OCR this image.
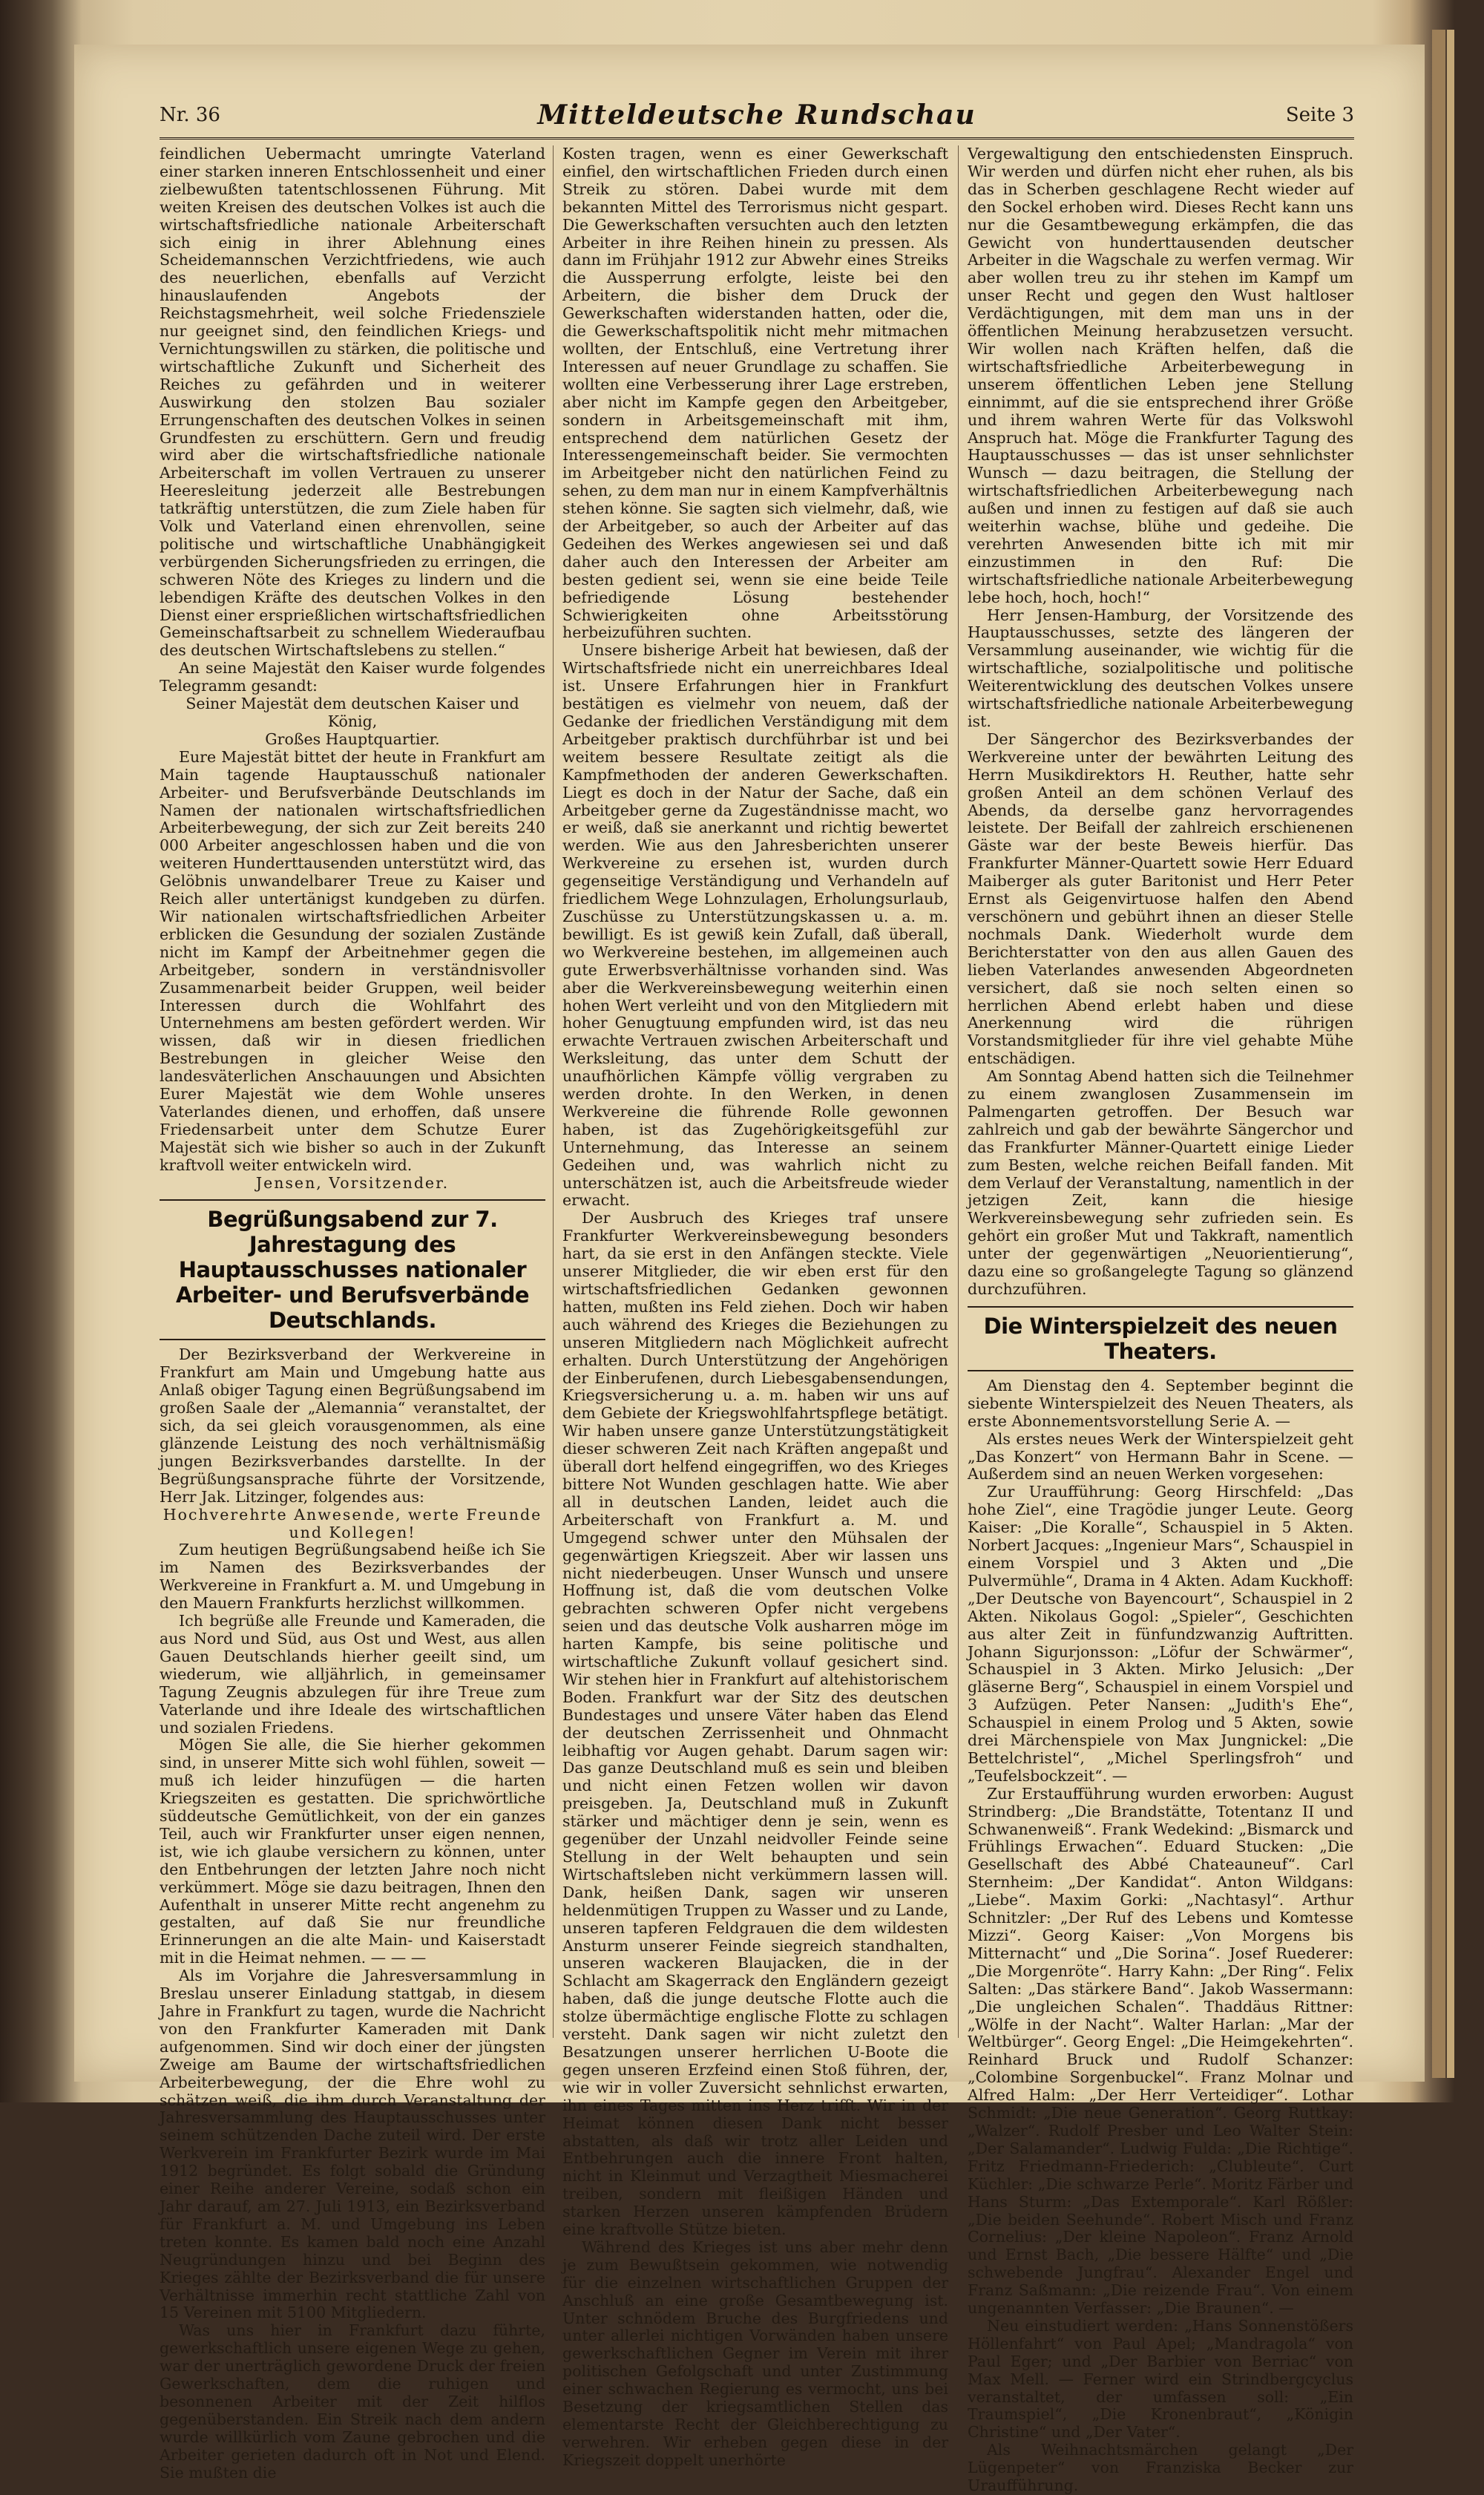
Nr. 36	Mitteldeutsche Rundschau	Seite 3

feindlichen Uebermacht umringte Vaterland einer starken inneren Entschlossenheit und einer zielbewußten tatentschlossenen Führung. Mit weiten Kreisen des deutschen Volkes ist auch die wirtschaftsfriedliche nationale Arbeiterschaft sich einig in ihrer Ablehnung eines Scheidemannschen Verzichtfriedens, wie auch des neuerlichen, ebenfalls auf Verzicht hinauslaufenden Angebots der Reichstagsmehrheit, weil solche Friedensziele nur geeignet sind, den feindlichen Kriegs- und Vernichtungswillen zu stärken, die politische und wirtschaftliche Zukunft und Sicherheit des Reiches zu gefährden und in weiterer Auswirkung den stolzen Bau sozialer Errungenschaften des deutschen Volkes in seinen Grundfesten zu erschüttern. Gern und freudig wird aber die wirtschaftsfriedliche nationale Arbeiterschaft im vollen Vertrauen zu unserer Heeresleitung jederzeit alle Bestrebungen tatkräftig unterstützen, die zum Ziele haben für Volk und Vaterland einen ehrenvollen, seine politische und wirtschaftliche Unabhängigkeit verbürgenden Sicherungsfrieden zu erringen, die schweren Nöte des Krieges zu lindern und die lebendigen Kräfte des deutschen Volkes in den Dienst einer ersprießlichen wirtschaftsfriedlichen Gemeinschaftsarbeit zu schnellem Wiederaufbau des deutschen Wirtschaftslebens zu stellen.“

An seine Majestät den Kaiser wurde folgendes Telegramm gesandt:

Seiner Majestät dem deutschen Kaiser und König,

Großes Hauptquartier.

Eure Majestät bittet der heute in Frankfurt am Main tagende Hauptausschuß nationaler Arbeiter- und Berufsverbände Deutschlands im Namen der nationalen wirtschaftsfriedlichen Arbeiterbewegung, der sich zur Zeit bereits 240 000 Arbeiter angeschlossen haben und die von weiteren Hunderttausenden unterstützt wird, das Gelöbnis unwandelbarer Treue zu Kaiser und Reich aller untertänigst kundgeben zu dürfen. Wir nationalen wirtschaftsfriedlichen Arbeiter erblicken die Gesundung der sozialen Zustände nicht im Kampf der Arbeitnehmer gegen die Arbeitgeber, sondern in verständnisvoller Zusammenarbeit beider Gruppen, weil beider Interessen durch die Wohlfahrt des Unternehmens am besten gefördert werden. Wir wissen, daß wir in diesen friedlichen Bestrebungen in gleicher Weise den landesväterlichen Anschauungen und Absichten Eurer Majestät wie dem Wohle unseres Vaterlandes dienen, und erhoffen, daß unsere Friedensarbeit unter dem Schutze Eurer Majestät sich wie bisher so auch in der Zukunft kraftvoll weiter entwickeln wird.

Jensen, Vorsitzender.

Begrüßungsabend zur 7. Jahrestagung des Hauptausschusses nationaler Arbeiter- und Berufsverbände Deutschlands.

Der Bezirksverband der Werkvereine in Frankfurt am Main und Umgebung hatte aus Anlaß obiger Tagung einen Begrüßungsabend im großen Saale der „Alemannia“ veranstaltet, der sich, da sei gleich vorausgenommen, als eine glänzende Leistung des noch verhältnismäßig jungen Bezirksverbandes darstellte. In der Begrüßungsansprache führte der Vorsitzende, Herr Jak. Litzinger, folgendes aus:

Hochverehrte Anwesende, werte Freunde und Kollegen!

Zum heutigen Begrüßungsabend heiße ich Sie im Namen des Bezirksverbandes der Werkvereine in Frankfurt a. M. und Umgebung in den Mauern Frankfurts herzlichst willkommen.

Ich begrüße alle Freunde und Kameraden, die aus Nord und Süd, aus Ost und West, aus allen Gauen Deutschlands hierher geeilt sind, um wiederum, wie alljährlich, in gemeinsamer Tagung Zeugnis abzulegen für ihre Treue zum Vaterlande und ihre Ideale des wirtschaftlichen und sozialen Friedens.

Mögen Sie alle, die Sie hierher gekommen sind, in unserer Mitte sich wohl fühlen, soweit — muß ich leider hinzufügen — die harten Kriegszeiten es gestatten. Die sprichwörtliche süddeutsche Gemütlichkeit, von der ein ganzes Teil, auch wir Frankfurter unser eigen nennen, ist, wie ich glaube versichern zu können, unter den Entbehrungen der letzten Jahre noch nicht verkümmert. Möge sie dazu beitragen, Ihnen den Aufenthalt in unserer Mitte recht angenehm zu gestalten, auf daß Sie nur freundliche Erinnerungen an die alte Main- und Kaiserstadt mit in die Heimat nehmen. — — —

Als im Vorjahre die Jahresversammlung in Breslau unserer Einladung stattgab, in diesem Jahre in Frankfurt zu tagen, wurde die Nachricht von den Frankfurter Kameraden mit Dank aufgenommen. Sind wir doch einer der jüngsten Zweige am Baume der wirtschaftsfriedlichen Arbeiterbewegung, der die Ehre wohl zu schätzen weiß, die ihm durch Veranstaltung der Jahresversammlung des Hauptausschusses unter seinem schützenden Dache zuteil wird. Der erste Werkverein im Frankfurter Bezirk wurde im Mai 1912 begründet. Es folgt sobald die Gründung einer Reihe anderer Vereine, sodaß schon ein Jahr darauf, am 27. Juli 1913, ein Bezirksverband für Frankfurt a. M. und Umgebung ins Leben treten konnte. Es kamen bald noch eine Anzahl Neugründungen hinzu und bei Beginn des Krieges zählte der Bezirksverband die für unsere Verhältnisse immerhin recht stattliche Zahl von 15 Vereinen mit 5100 Mitgliedern.

Was uns hier in Frankfurt dazu führte, gewerkschaftlich unsere eigenen Wege zu gehen, war der unerträglich gewordene Druck der freien Gewerkschaften, dem die ruhigen und besonnenen Arbeiter mit der Zeit hilflos gegenüberstanden. Ein Streik nach dem andern wurde willkürlich vom Zaune gebrochen und die Arbeiter gerieten dadurch oft in Not und Elend. Sie mußten die

Kosten tragen, wenn es einer Gewerkschaft einfiel, den wirtschaftlichen Frieden durch einen Streik zu stören. Dabei wurde mit dem bekannten Mittel des Terrorismus nicht gespart. Die Gewerkschaften versuchten auch den letzten Arbeiter in ihre Reihen hinein zu pressen. Als dann im Frühjahr 1912 zur Abwehr eines Streiks die Aussperrung erfolgte, leiste bei den Arbeitern, die bisher dem Druck der Gewerkschaften widerstanden hatten, oder die, die Gewerkschaftspolitik nicht mehr mitmachen wollten, der Entschluß, eine Vertretung ihrer Interessen auf neuer Grundlage zu schaffen. Sie wollten eine Verbesserung ihrer Lage erstreben, aber nicht im Kampfe gegen den Arbeitgeber, sondern in Arbeitsgemeinschaft mit ihm, entsprechend dem natürlichen Gesetz der Interessengemeinschaft beider. Sie vermochten im Arbeitgeber nicht den natürlichen Feind zu sehen, zu dem man nur in einem Kampfverhältnis stehen könne. Sie sagten sich vielmehr, daß, wie der Arbeitgeber, so auch der Arbeiter auf das Gedeihen des Werkes angewiesen sei und daß daher auch den Interessen der Arbeiter am besten gedient sei, wenn sie eine beide Teile befriedigende Lösung bestehender Schwierigkeiten ohne Arbeitsstörung herbeizuführen suchten.

Unsere bisherige Arbeit hat bewiesen, daß der Wirtschaftsfriede nicht ein unerreichbares Ideal ist. Unsere Erfahrungen hier in Frankfurt bestätigen es vielmehr von neuem, daß der Gedanke der friedlichen Verständigung mit dem Arbeitgeber praktisch durchführbar ist und bei weitem bessere Resultate zeitigt als die Kampfmethoden der anderen Gewerkschaften. Liegt es doch in der Natur der Sache, daß ein Arbeitgeber gerne da Zugeständnisse macht, wo er weiß, daß sie anerkannt und richtig bewertet werden. Wie aus den Jahresberichten unserer Werkvereine zu ersehen ist, wurden durch gegenseitige Verständigung und Verhandeln auf friedlichem Wege Lohnzulagen, Erholungsurlaub, Zuschüsse zu Unterstützungskassen u. a. m. bewilligt. Es ist gewiß kein Zufall, daß überall, wo Werkvereine bestehen, im allgemeinen auch gute Erwerbsverhältnisse vorhanden sind. Was aber die Werkvereinsbewegung weiterhin einen hohen Wert verleiht und von den Mitgliedern mit hoher Genugtuung empfunden wird, ist das neu erwachte Vertrauen zwischen Arbeiterschaft und Werksleitung, das unter dem Schutt der unaufhörlichen Kämpfe völlig vergraben zu werden drohte. In den Werken, in denen Werkvereine die führende Rolle gewonnen haben, ist das Zugehörigkeitsgefühl zur Unternehmung, das Interesse an seinem Gedeihen und, was wahrlich nicht zu unterschätzen ist, auch die Arbeitsfreude wieder erwacht.

Der Ausbruch des Krieges traf unsere Frankfurter Werkvereinsbewegung besonders hart, da sie erst in den Anfängen steckte. Viele unserer Mitglieder, die wir eben erst für den wirtschaftsfriedlichen Gedanken gewonnen hatten, mußten ins Feld ziehen. Doch wir haben auch während des Krieges die Beziehungen zu unseren Mitgliedern nach Möglichkeit aufrecht erhalten. Durch Unterstützung der Angehörigen der Einberufenen, durch Liebesgabensendungen, Kriegsversicherung u. a. m. haben wir uns auf dem Gebiete der Kriegswohlfahrtspflege betätigt. Wir haben unsere ganze Unterstützungstätigkeit dieser schweren Zeit nach Kräften angepaßt und überall dort helfend eingegriffen, wo des Krieges bittere Not Wunden geschlagen hatte. Wie aber all in deutschen Landen, leidet auch die Arbeiterschaft von Frankfurt a. M. und Umgegend schwer unter den Mühsalen der gegenwärtigen Kriegszeit. Aber wir lassen uns nicht niederbeugen. Unser Wunsch und unsere Hoffnung ist, daß die vom deutschen Volke gebrachten schweren Opfer nicht vergebens seien und das deutsche Volk ausharren möge im harten Kampfe, bis seine politische und wirtschaftliche Zukunft vollauf gesichert sind. Wir stehen hier in Frankfurt auf altehistorischem Boden. Frankfurt war der Sitz des deutschen Bundestages und unsere Väter haben das Elend der deutschen Zerrissenheit und Ohnmacht leibhaftig vor Augen gehabt. Darum sagen wir: Das ganze Deutschland muß es sein und bleiben und nicht einen Fetzen wollen wir davon preisgeben. Ja, Deutschland muß in Zukunft stärker und mächtiger denn je sein, wenn es gegenüber der Unzahl neidvoller Feinde seine Stellung in der Welt behaupten und sein Wirtschaftsleben nicht verkümmern lassen will. Dank, heißen Dank, sagen wir unseren heldenmütigen Truppen zu Wasser und zu Lande, unseren tapferen Feldgrauen die dem wildesten Ansturm unserer Feinde siegreich standhalten, unseren wackeren Blaujacken, die in der Schlacht am Skagerrack den Engländern gezeigt haben, daß die junge deutsche Flotte auch die stolze übermächtige englische Flotte zu schlagen versteht. Dank sagen wir nicht zuletzt den Besatzungen unserer herrlichen U-Boote die gegen unseren Erzfeind einen Stoß führen, der, wie wir in voller Zuversicht sehnlichst erwarten, ihn eines Tages mitten ins Herz trifft. Wir in der Heimat können diesen Dank nicht besser abstatten, als daß wir trotz aller Leiden und Entbehrungen auch die innere Front halten, nicht in Kleinmut und Verzagtheit Miesmacherei treiben, sondern mit fleißigen Händen und starken Herzen unseren kämpfenden Brüdern eine kraftvolle Stütze bieten.

Während des Krieges ist uns aber mehr denn je zum Bewußtsein gekommen, wie notwendig für die einzelnen wirtschaftlichen Gruppen der Anschluß an eine große Gesamtbewegung ist. Unter schnödem Bruche des Burgfriedens und unter allerlei nichtigen Vorwänden haben unsere gewerkschaftlichen Gegner im Verein mit ihrer politischen Gefolgschaft und unter Zustimmung einer schwachen Regierung es vermocht, uns bei Besetzung der kriegsamtlichen Stellen das elementarste Recht der Gleichberechtigung zu verwehren. Wir erheben gegen diese in der Kriegszeit doppelt unerhörte

Vergewaltigung den entschiedensten Einspruch. Wir werden und dürfen nicht eher ruhen, als bis das in Scherben geschlagene Recht wieder auf den Sockel erhoben wird. Dieses Recht kann uns nur die Gesamtbewegung erkämpfen, die das Gewicht von hunderttausenden deutscher Arbeiter in die Wagschale zu werfen vermag. Wir aber wollen treu zu ihr stehen im Kampf um unser Recht und gegen den Wust haltloser Verdächtigungen, mit dem man uns in der öffentlichen Meinung herabzusetzen versucht. Wir wollen nach Kräften helfen, daß die wirtschaftsfriedliche Arbeiterbewegung in unserem öffentlichen Leben jene Stellung einnimmt, auf die sie entsprechend ihrer Größe und ihrem wahren Werte für das Volkswohl Anspruch hat. Möge die Frankfurter Tagung des Hauptausschusses — das ist unser sehnlichster Wunsch — dazu beitragen, die Stellung der wirtschaftsfriedlichen Arbeiterbewegung nach außen und innen zu festigen auf daß sie auch weiterhin wachse, blühe und gedeihe. Die verehrten Anwesenden bitte ich mit mir einzustimmen in den Ruf: Die wirtschaftsfriedliche nationale Arbeiterbewegung lebe hoch, hoch, hoch!“

Herr Jensen-Hamburg, der Vorsitzende des Hauptausschusses, setzte des längeren der Versammlung auseinander, wie wichtig für die wirtschaftliche, sozialpolitische und politische Weiterentwicklung des deutschen Volkes unsere wirtschaftsfriedliche nationale Arbeiterbewegung ist.

Der Sängerchor des Bezirksverbandes der Werkvereine unter der bewährten Leitung des Herrn Musikdirektors H. Reuther, hatte sehr großen Anteil an dem schönen Verlauf des Abends, da derselbe ganz hervorragendes leistete. Der Beifall der zahlreich erschienenen Gäste war der beste Beweis hierfür. Das Frankfurter Männer-Quartett sowie Herr Eduard Maiberger als guter Baritonist und Herr Peter Ernst als Geigenvirtuose halfen den Abend verschönern und gebührt ihnen an dieser Stelle nochmals Dank. Wiederholt wurde dem Berichterstatter von den aus allen Gauen des lieben Vaterlandes anwesenden Abgeordneten versichert, daß sie noch selten einen so herrlichen Abend erlebt haben und diese Anerkennung wird die rührigen Vorstandsmitglieder für ihre viel gehabte Mühe entschädigen.

Am Sonntag Abend hatten sich die Teilnehmer zu einem zwanglosen Zusammensein im Palmengarten getroffen. Der Besuch war zahlreich und gab der bewährte Sängerchor und das Frankfurter Männer-Quartett einige Lieder zum Besten, welche reichen Beifall fanden. Mit dem Verlauf der Veranstaltung, namentlich in der jetzigen Zeit, kann die hiesige Werkvereinsbewegung sehr zufrieden sein. Es gehört ein großer Mut und Takkraft, namentlich unter der gegenwärtigen „Neuorientierung“, dazu eine so großangelegte Tagung so glänzend durchzuführen.

Die Winterspielzeit des neuen Theaters.

Am Dienstag den 4. September beginnt die siebente Winterspielzeit des Neuen Theaters, als erste Abonnementsvorstellung Serie A. —

Als erstes neues Werk der Winterspielzeit geht „Das Konzert“ von Hermann Bahr in Scene. — Außerdem sind an neuen Werken vorgesehen:

Zur Uraufführung: Georg Hirschfeld: „Das hohe Ziel“, eine Tragödie junger Leute. Georg Kaiser: „Die Koralle“, Schauspiel in 5 Akten. Norbert Jacques: „Ingenieur Mars“, Schauspiel in einem Vorspiel und 3 Akten und „Die Pulvermühle“, Drama in 4 Akten. Adam Kuckhoff: „Der Deutsche von Bayencourt“, Schauspiel in 2 Akten. Nikolaus Gogol: „Spieler“, Geschichten aus alter Zeit in fünfundzwanzig Auftritten. Johann Sigurjonsson: „Löfur der Schwärmer“, Schauspiel in 3 Akten. Mirko Jelusich: „Der gläserne Berg“, Schauspiel in einem Vorspiel und 3 Aufzügen. Peter Nansen: „Judith's Ehe“, Schauspiel in einem Prolog und 5 Akten, sowie drei Märchenspiele von Max Jungnickel: „Die Bettelchristel“, „Michel Sperlingsfroh“ und „Teufelsbockzeit“. —

Zur Erstaufführung wurden erworben: August Strindberg: „Die Brandstätte, Totentanz II und Schwanenweiß“. Frank Wedekind: „Bismarck und Frühlings Erwachen“. Eduard Stucken: „Die Gesellschaft des Abbé Chateauneuf“. Carl Sternheim: „Der Kandidat“. Anton Wildgans: „Liebe“. Maxim Gorki: „Nachtasyl“. Arthur Schnitzler: „Der Ruf des Lebens und Komtesse Mizzi“. Georg Kaiser: „Von Morgens bis Mitternacht“ und „Die Sorina“. Josef Ruederer: „Die Morgenröte“. Harry Kahn: „Der Ring“. Felix Salten: „Das stärkere Band“. Jakob Wassermann: „Die ungleichen Schalen“. Thaddäus Rittner: „Wölfe in der Nacht“. Walter Harlan: „Mar der Weltbürger“. Georg Engel: „Die Heimgekehrten“. Reinhard Bruck und Rudolf Schanzer: „Colombine Sorgenbuckel“. Franz Molnar und Alfred Halm: „Der Herr Verteidiger“. Lothar Schmidt: „Die neue Generation“. Georg Ruttkay: „Walzer“. Rudolf Presber und Leo Walter Stein: „Der Salamander“. Ludwig Fulda: „Die Richtige“. Fritz Friedmann-Friederich: „Clubleute“. Curt Küchler: „Die schwarze Perle“. Moritz Färber und Hans Sturm: „Das Extemporale“. Karl Rößler: „Die beiden Seehunde“. Robert Misch und Franz Cornelius: „Der kleine Napoleon“. Franz Arnold und Ernst Bach, „Die bessere Hälfte“ und „Die schwebende Jungfrau“. Alexander Engel und Franz Saßmann: „Die reizende Frau“. Von einem ungenannten Verfasser: „Die Braunen“. —

Neu einstudiert werden: „Hans Sonnenstößers Höllenfahrt“ von Paul Apel; „Mandragola“ von Paul Eger; und „Der Barbier von Berriac“ von Max Mell. — Ferner wird ein Strindbergcyclus veranstaltet, der umfassen soll: „Ein Traumspiel“, „Die Kronenbraut“, „Königin Christine“ und „Der Vater“.

Als Weihnachtsmärchen gelangt „Der Lügenpeter“ von Franziska Becker zur Uraufführung.
